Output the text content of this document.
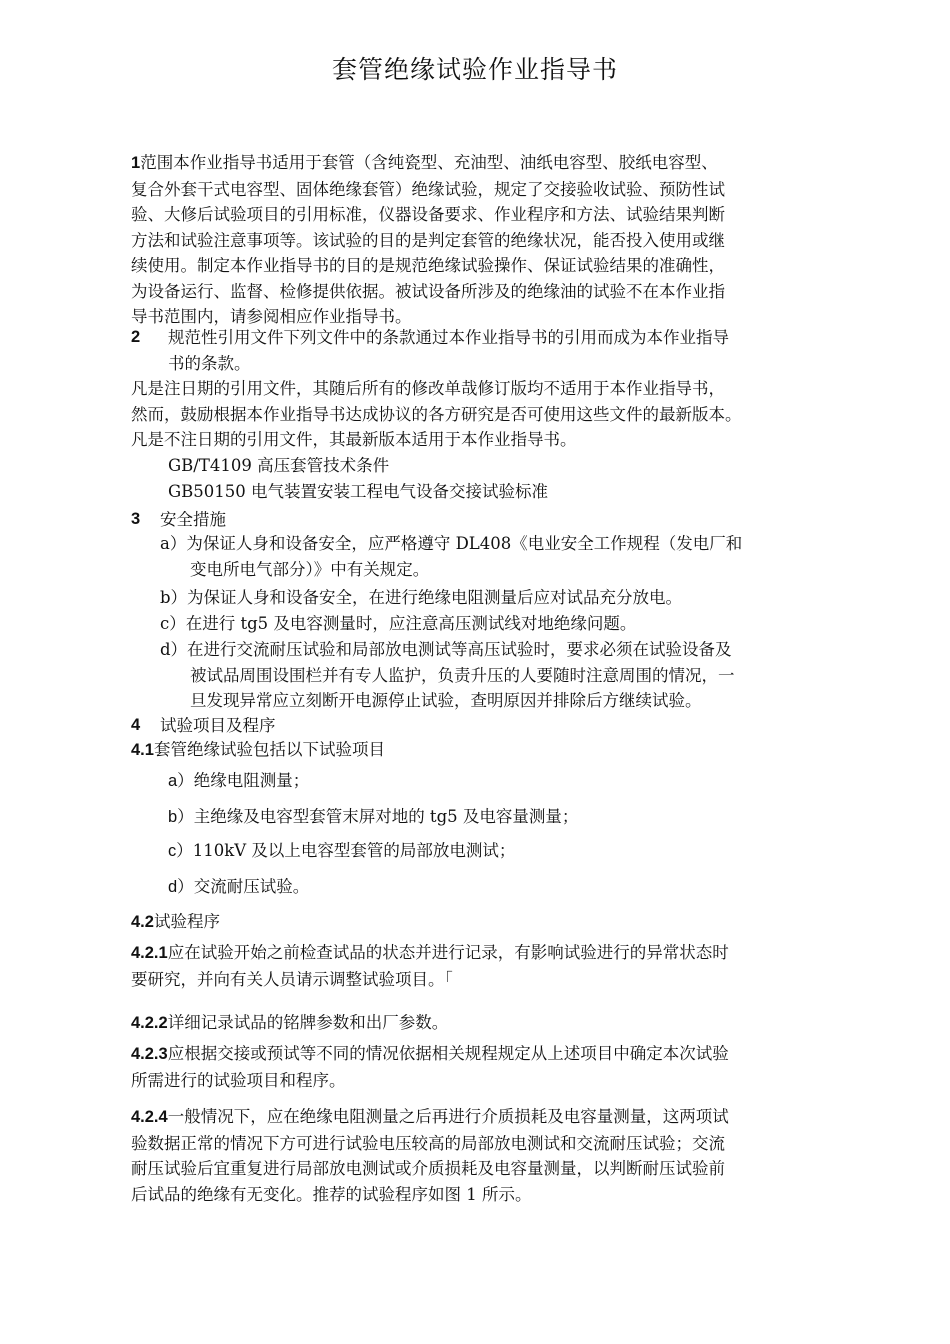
套管绝缘试验作业指导书
1范围本作业指导书适用于套管（含纯瓷型、充油型、油纸电容型、胶纸电容型、
复合外套干式电容型、固体绝缘套管）绝缘试验，规定了交接验收试验、预防性试
验、大修后试验项目的引用标准，仪器设备要求、作业程序和方法、试验结果判断
方法和试验注意事项等。该试验的目的是判定套管的绝缘状况，能否投入使用或继
续使用。制定本作业指导书的目的是规范绝缘试验操作、保证试验结果的准确性，
为设备运行、监督、检修提供依据。被试设备所涉及的绝缘油的试验不在本作业指
导书范围内，请参阅相应作业指导书。
2 规范性引用文件下列文件中的条款通过本作业指导书的引用而成为本作业指导
书的条款。
凡是注日期的引用文件，其随后所有的修改单哉修订版均不适用于本作业指导书，
然而，鼓励根据本作业指导书达成协议的各方研究是否可使用这些文件的最新版本。
凡是不注日期的引用文件，其最新版本适用于本作业指导书。
GB/T4109 高压套管技术条件
GB50150 电气装置安装工程电气设备交接试验标准
3 安全措施
a）为保证人身和设备安全，应严格遵守 DL408《电业安全工作规程（发电厂和
变电所电气部分）》中有关规定。
b）为保证人身和设备安全，在进行绝缘电阻测量后应对试品充分放电。
c）在进行 tg5 及电容测量时，应注意高压测试线对地绝缘问题。
d）在进行交流耐压试验和局部放电测试等高压试验时，要求必须在试验设备及
被试品周围设围栏并有专人监护，负责升压的人要随时注意周围的情况，一
旦发现异常应立刻断开电源停止试验，查明原因并排除后方继续试验。
4 试验项目及程序
4.1套管绝缘试验包括以下试验项目
a）绝缘电阻测量；
b）主绝缘及电容型套管末屏对地的 tg5 及电容量测量；
c）110kV 及以上电容型套管的局部放电测试；
d）交流耐压试验。
4.2试验程序
4.2.1应在试验开始之前检查试品的状态并进行记录，有影响试验进行的异常状态时
要研究，并向有关人员请示调整试验项目。「
4.2.2详细记录试品的铭牌参数和出厂参数。
4.2.3应根据交接或预试等不同的情况依据相关规程规定从上述项目中确定本次试验
所需进行的试验项目和程序。
4.2.4一般情况下，应在绝缘电阻测量之后再进行介质损耗及电容量测量，这两项试
验数据正常的情况下方可进行试验电压较高的局部放电测试和交流耐压试验；交流
耐压试验后宜重复进行局部放电测试或介质损耗及电容量测量，以判断耐压试验前
后试品的绝缘有无变化。推荐的试验程序如图 1 所示。
